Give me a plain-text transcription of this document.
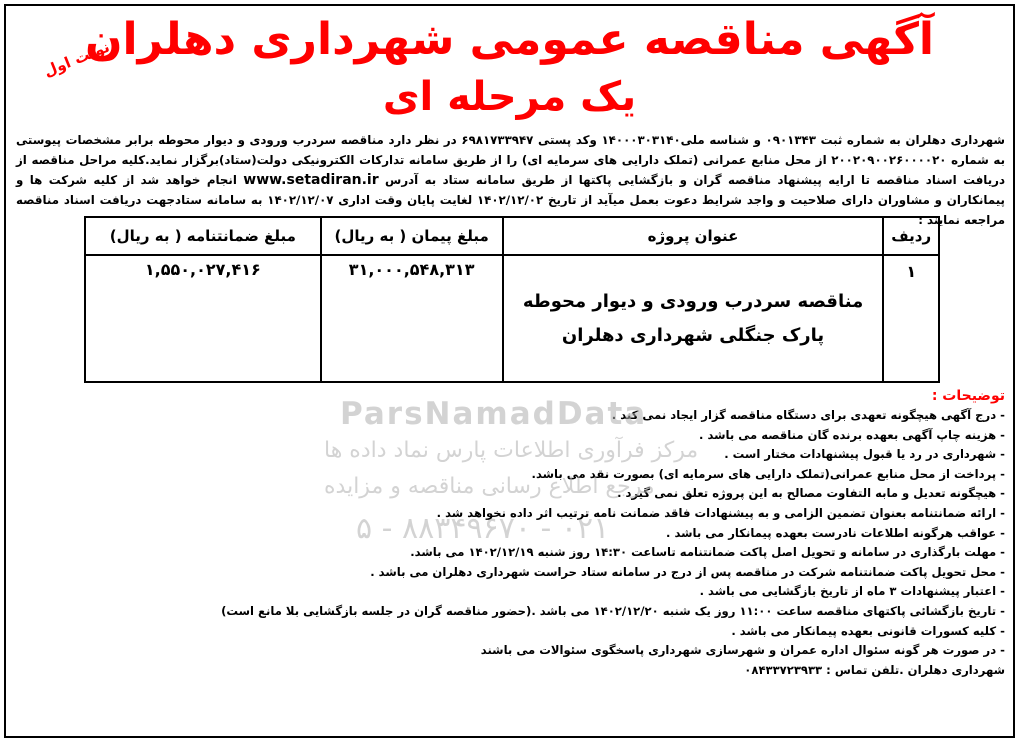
آگهی مناقصه عمومی شهرداری دهلران
یک مرحله ای
نوبت اول
شهرداری دهلران به شماره ثبت ۰۹۰۱۳۴۳ و شناسه ملی۱۴۰۰۰۳۰۳۱۴۰ وکد پستی ۶۹۸۱۷۳۳۹۴۷ در نظر دارد مناقصه سردرب ورودی و دیوار محوطه برابر مشخصات پیوستی به شماره ۲۰۰۲۰۹۰۰۲۶۰۰۰۰۲۰ از محل منابع عمرانی (تملک دارایی های سرمایه ای) را از طریق سامانه تدارکات الکترونیکی دولت(ستاد)برگزار نماید.کلیه مراحل مناقصه از دریافت اسناد مناقصه تا ارایه پیشنهاد مناقصه گران و بازگشایی پاکتها از طریق سامانه ستاد به آدرس www.setadiran.ir انجام خواهد شد از کلیه شرکت ها و پیمانکاران و مشاوران دارای صلاحیت و واجد شرایط دعوت بعمل میآید از تاریخ ۱۴۰۲/۱۲/۰۲ لغایت پایان وقت اداری ۱۴۰۲/۱۲/۰۷ به سامانه ستادجهت دریافت اسناد مناقصه مراجعه نمایند :
ردیف	عنوان پروژه	مبلغ پیمان ( به ریال)	مبلغ ضمانتنامه ( به ریال)
۱	مناقصه سردرب ورودی و دیوار محوطه
پارک جنگلی شهرداری دهلران	۳۱,۰۰۰,۵۴۸,۳۱۳	۱,۵۵۰,۰۲۷,۴۱۶
توضیحات :
- درج آگهی هیچگونه تعهدی برای دستگاه مناقصه گزار ایجاد نمی کند .
- هزینه چاپ آگهی بعهده برنده گان مناقصه می باشد .
- شهرداری در رد یا قبول پیشنهادات مختار است .
- پرداخت از محل منابع عمرانی(تملک دارایی های سرمایه ای) بصورت نقد می باشد.
- هیچگونه تعدیل و مابه التفاوت مصالح به این پروژه تعلق نمی گیرد .
- ارائه ضمانتنامه بعنوان تضمین الزامی و به پیشنهادات فاقد ضمانت نامه ترتیب اثر داده نخواهد شد .
- عواقب هرگونه اطلاعات نادرست بعهده پیمانکار می باشد .
- مهلت بارگذاری در سامانه و تحویل اصل پاکت ضمانتنامه تاساعت ۱۴:۳۰ روز شنبه ۱۴۰۲/۱۲/۱۹ می باشد.
- محل تحویل پاکت ضمانتنامه شرکت در مناقصه پس از درج در سامانه ستاد حراست شهرداری دهلران می باشد .
- اعتبار پیشنهادات ۳ ماه از تاریخ بازگشایی می باشد .
- تاریخ بازگشائی پاکتهای مناقصه ساعت ۱۱:۰۰ روز یک شنبه ۱۴۰۲/۱۲/۲۰ می باشد .(حضور مناقصه گران در جلسه بازگشایی بلا مانع است)
- کلیه کسورات قانونی بعهده پیمانکار می باشد .
- در صورت هر گونه سئوال اداره عمران و شهرسازی شهرداری پاسخگوی سئوالات می باشند
شهرداری دهلران .تلفن تماس : ۰۸۴۳۳۷۲۳۹۳۳
ParsNamadData
مرکز فرآوری اطلاعات پارس نماد داده ها
مرجع اطلاع رسانی مناقصه و مزایده
۰۲۱ - ۸۸۳۴۹۶۷۰ - ۵
